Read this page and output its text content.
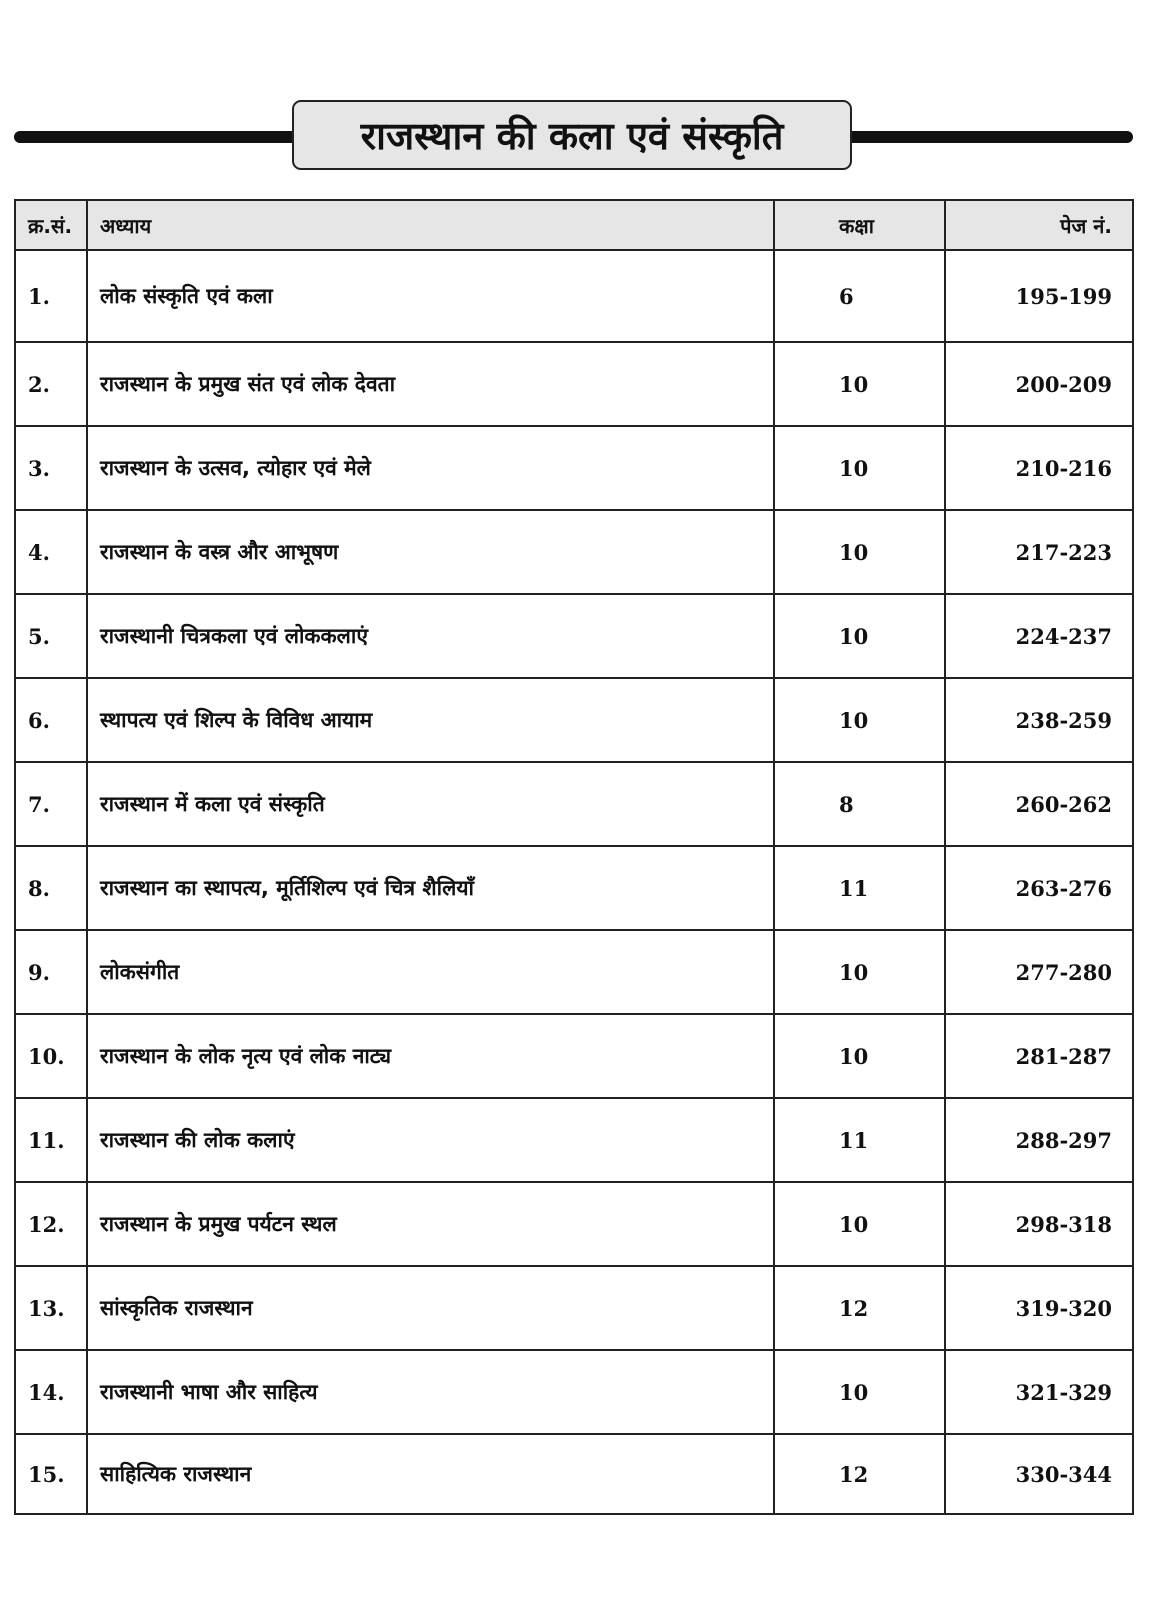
राजस्थान की कला एवं संस्कृति
क्र.सं.	अध्याय	कक्षा	पेज नं.
1.	लोक संस्कृति एवं कला	6	195-199
2.	राजस्थान के प्रमुख संत एवं लोक देवता	10	200-209
3.	राजस्थान के उत्सव, त्योहार एवं मेले	10	210-216
4.	राजस्थान के वस्त्र और आभूषण	10	217-223
5.	राजस्थानी चित्रकला एवं लोककलाएं	10	224-237
6.	स्थापत्य एवं शिल्प के विविध आयाम	10	238-259
7.	राजस्थान में कला एवं संस्कृति	8	260-262
8.	राजस्थान का स्थापत्य, मूर्तिशिल्प एवं चित्र शैलियाँ	11	263-276
9.	लोकसंगीत	10	277-280
10.	राजस्थान के लोक नृत्य एवं लोक नाट्य	10	281-287
11.	राजस्थान की लोक कलाएं	11	288-297
12.	राजस्थान के प्रमुख पर्यटन स्थल	10	298-318
13.	सांस्कृतिक राजस्थान	12	319-320
14.	राजस्थानी भाषा और साहित्य	10	321-329
15.	साहित्यिक राजस्थान	12	330-344
